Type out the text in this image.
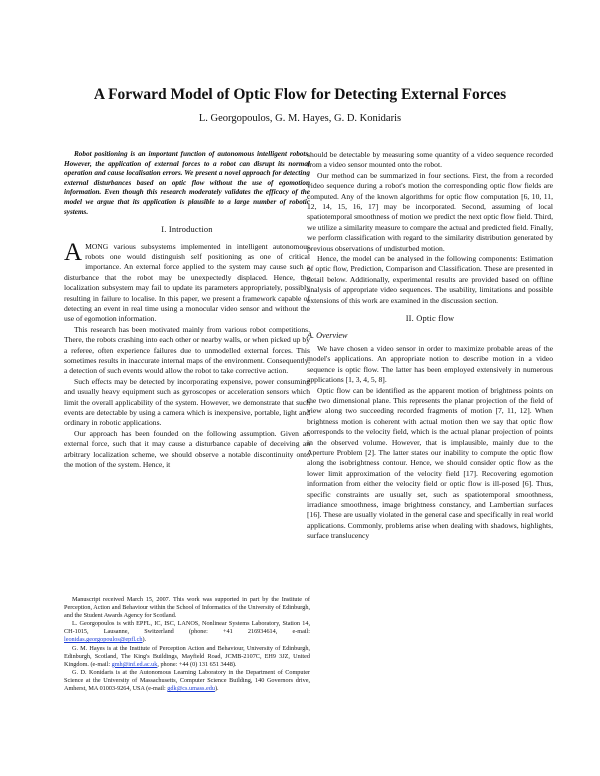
A Forward Model of Optic Flow for Detecting External Forces
L. Georgopoulos, G. M. Hayes, G. D. Konidaris

Robot positioning is an important function of autonomous intelligent robots. However, the application of external forces to a robot can disrupt its normal operation and cause localisation errors. We present a novel approach for detecting external disturbances based on optic flow without the use of egomotion information. Even though this research moderately validates the efficacy of the model we argue that its application is plausible to a large number of robotic systems.

I. Introduction

AMONG various subsystems implemented in intelligent autonomous robots one would distinguish self positioning as one of critical importance. An external force applied to the system may cause such a disturbance that the robot may be unexpectedly displaced. Hence, the localization subsystem may fail to update its parameters appropriately, possibly resulting in failure to localise. In this paper, we present a framework capable of detecting an event in real time using a monocular video sensor and without the use of egomotion information.

This research has been motivated mainly from various robot competitions. There, the robots crashing into each other or nearby walls, or when picked up by a referee, often experience failures due to unmodelled external forces. This sometimes results in inaccurate internal maps of the environment. Consequently, a detection of such events would allow the robot to take corrective action.

Such effects may be detected by incorporating expensive, power consuming and usually heavy equipment such as gyroscopes or acceleration sensors which limit the overall applicability of the system. However, we demonstrate that such events are detectable by using a camera which is inexpensive, portable, light and ordinary in robotic applications.

Our approach has been founded on the following assumption. Given an external force, such that it may cause a disturbance capable of deceiving an arbitrary localization scheme, we should observe a notable discontinuity onto the motion of the system. Hence, it

Manuscript received March 15, 2007. This work was supported in part by the Institute of Perception, Action and Behaviour within the School of Informatics of the University of Edinburgh, and the Student Awards Agency for Scotland.

L. Georgopoulos is with EPFL, IC, ISC, LANOS, Nonlinear Systems Laboratory, Station 14, CH-1015, Lausanne, Switzerland (phone: +41 216934614, e-mail: leonidas.georgopoulos@epfl.ch).

G. M. Hayes is at the Institute of Perception Action and Behaviour, University of Edinburgh, Edinburgh, Scotland, The King's Buildings, Mayfield Road, JCMB-2107C, EH9 3JZ, United Kingdom. (e-mail: gmh@inf.ed.ac.uk, phone: +44 (0) 131 651 3448).

G. D. Konidaris is at the Autonomous Learning Laboratory in the Department of Computer Science at the University of Massachusetts, Computer Science Building, 140 Governors drive, Amherst, MA 01003-9264, USA (e-mail: gdk@cs.umass.edu).

should be detectable by measuring some quantity of a video sequence recorded from a video sensor mounted onto the robot.

Our method can be summarized in four sections. First, the from a recorded video sequence during a robot's motion the corresponding optic flow fields are computed. Any of the known algorithms for optic flow computation [6, 10, 11, 12, 14, 15, 16, 17] may be incorporated. Second, assuming of local spatiotemporal smoothness of motion we predict the next optic flow field. Third, we utilize a similarity measure to compare the actual and predicted field. Finally, we perform classification with regard to the similarity distribution generated by previous observations of undisturbed motion.

Hence, the model can be analysed in the following components: Estimation of optic flow, Prediction, Comparison and Classification. These are presented in detail below. Additionally, experimental results are provided based on offline analysis of appropriate video sequences. The usability, limitations and possible extensions of this work are examined in the discussion section.

II. Optic flow
A. Overview

We have chosen a video sensor in order to maximize probable areas of the model's applications. An appropriate notion to describe motion in a video sequence is optic flow. The latter has been employed extensively in numerous applications [1, 3, 4, 5, 8].

Optic flow can be identified as the apparent motion of brightness points on the two dimensional plane. This represents the planar projection of the field of view along two succeeding recorded fragments of motion [7, 11, 12]. When brightness motion is coherent with actual motion then we say that optic flow corresponds to the velocity field, which is the actual planar projection of points in the observed volume. However, that is implausible, mainly due to the Aperture Problem [2]. The latter states our inability to compute the optic flow along the isobrightness contour. Hence, we should consider optic flow as the lower limit approximation of the velocity field [17]. Recovering egomotion information from either the velocity field or optic flow is ill-posed [6]. Thus, specific constraints are usually set, such as spatiotemporal smoothness, irradiance smoothness, image brightness constancy, and Lambertian surfaces [16]. These are usually violated in the general case and specifically in real world applications. Commonly, problems arise when dealing with shadows, highlights, surface translucency
